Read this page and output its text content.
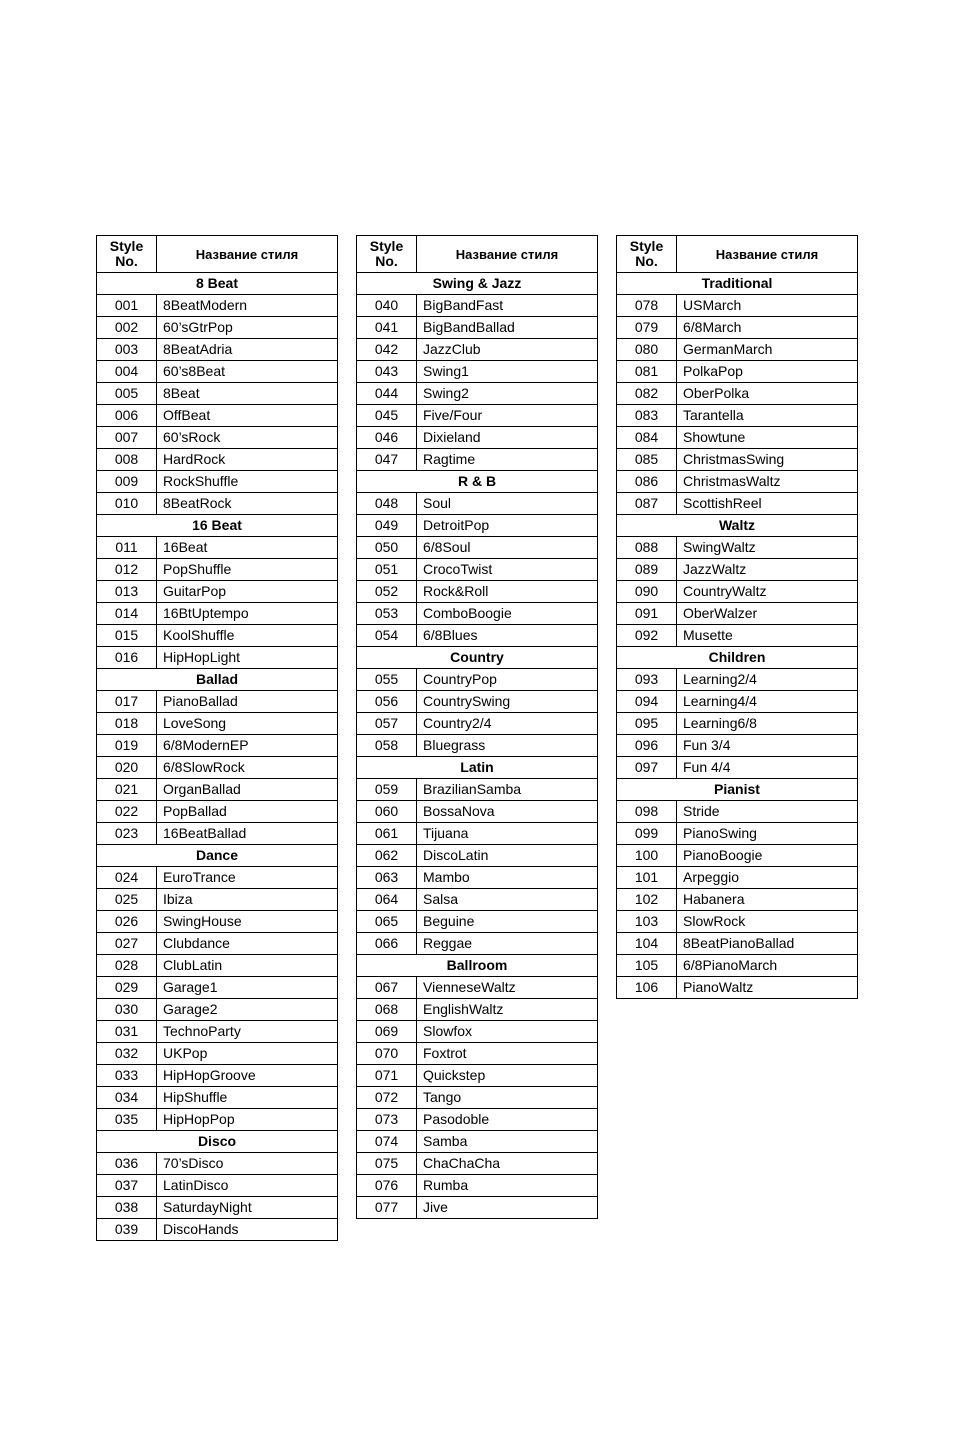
Style
No.	Название стиля
8 Beat	
001	8BeatModern
002	60’sGtrPop
003	8BeatAdria
004	60’s8Beat
005	8Beat
006	OffBeat
007	60’sRock
008	HardRock
009	RockShuffle
010	8BeatRock
16 Beat	
011	16Beat
012	PopShuffle
013	GuitarPop
014	16BtUptempo
015	KoolShuffle
016	HipHopLight
Ballad	
017	PianoBallad
018	LoveSong
019	6/8ModernEP
020	6/8SlowRock
021	OrganBallad
022	PopBallad
023	16BeatBallad
Dance	
024	EuroTrance
025	Ibiza
026	SwingHouse
027	Clubdance
028	ClubLatin
029	Garage1
030	Garage2
031	TechnoParty
032	UKPop
033	HipHopGroove
034	HipShuffle
035	HipHopPop
Disco	
036	70’sDisco
037	LatinDisco
038	SaturdayNight
039	DiscoHands
Style
No.	Название стиля
Swing & Jazz	
040	BigBandFast
041	BigBandBallad
042	JazzClub
043	Swing1
044	Swing2
045	Five/Four
046	Dixieland
047	Ragtime
R & B	
048	Soul
049	DetroitPop
050	6/8Soul
051	CrocoTwist
052	Rock&Roll
053	ComboBoogie
054	6/8Blues
Country	
055	CountryPop
056	CountrySwing
057	Country2/4
058	Bluegrass
Latin	
059	BrazilianSamba
060	BossaNova
061	Tijuana
062	DiscoLatin
063	Mambo
064	Salsa
065	Beguine
066	Reggae
Ballroom	
067	VienneseWaltz
068	EnglishWaltz
069	Slowfox
070	Foxtrot
071	Quickstep
072	Tango
073	Pasodoble
074	Samba
075	ChaChaCha
076	Rumba
077	Jive
Style
No.	Название стиля
Traditional	
078	USMarch
079	6/8March
080	GermanMarch
081	PolkaPop
082	OberPolka
083	Tarantella
084	Showtune
085	ChristmasSwing
086	ChristmasWaltz
087	ScottishReel
Waltz	
088	SwingWaltz
089	JazzWaltz
090	CountryWaltz
091	OberWalzer
092	Musette
Children	
093	Learning2/4
094	Learning4/4
095	Learning6/8
096	Fun 3/4
097	Fun 4/4
Pianist	
098	Stride
099	PianoSwing
100	PianoBoogie
101	Arpeggio
102	Habanera
103	SlowRock
104	8BeatPianoBallad
105	6/8PianoMarch
106	PianoWaltz
